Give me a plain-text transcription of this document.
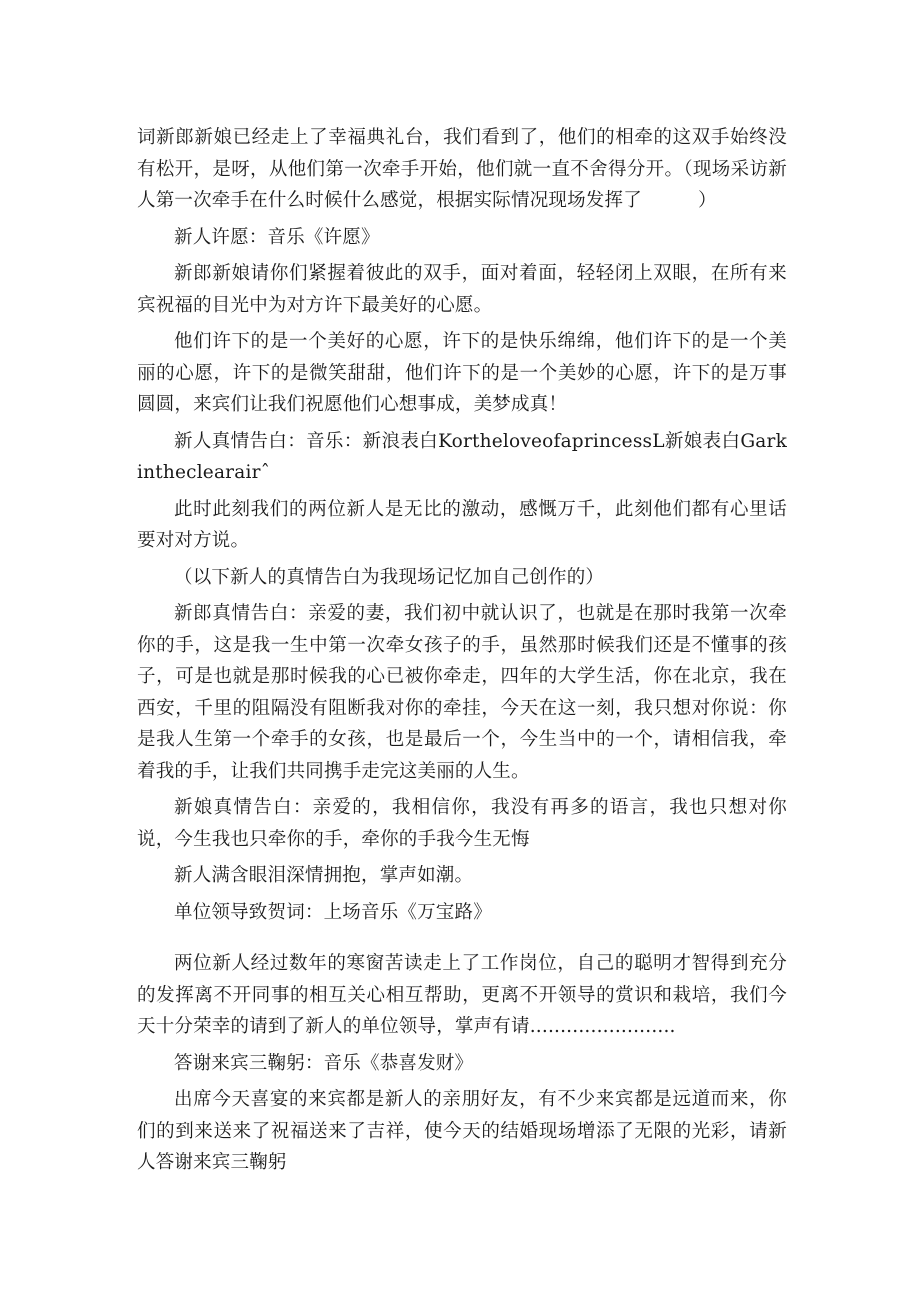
词新郎新娘已经走上了幸福典礼台，我们看到了，他们的相牵的这双手始终没有松开，是呀，从他们第一次牵手开始，他们就一直不舍得分开。（现场采访新人第一次牵手在什么时候什么感觉，根据实际情况现场发挥了　　　）

新人许愿：音乐《许愿》

新郎新娘请你们紧握着彼此的双手，面对着面，轻轻闭上双眼，在所有来宾祝福的目光中为对方许下最美好的心愿。

他们许下的是一个美好的心愿，许下的是快乐绵绵，他们许下的是一个美丽的心愿，许下的是微笑甜甜，他们许下的是一个美妙的心愿，许下的是万事圆圆，来宾们让我们祝愿他们心想事成，美梦成真！

新人真情告白：音乐：新浪表白KortheloveofaprincessL新娘表白Garkintheclearairˆ

此时此刻我们的两位新人是无比的激动，感慨万千，此刻他们都有心里话要对对方说。

（以下新人的真情告白为我现场记忆加自己创作的）

新郎真情告白：亲爱的妻，我们初中就认识了，也就是在那时我第一次牵你的手，这是我一生中第一次牵女孩子的手，虽然那时候我们还是不懂事的孩子，可是也就是那时候我的心已被你牵走，四年的大学生活，你在北京，我在西安，千里的阻隔没有阻断我对你的牵挂，今天在这一刻，我只想对你说：你是我人生第一个牵手的女孩，也是最后一个，今生当中的一个，请相信我，牵着我的手，让我们共同携手走完这美丽的人生。

新娘真情告白：亲爱的，我相信你，我没有再多的语言，我也只想对你说，今生我也只牵你的手，牵你的手我今生无悔

新人满含眼泪深情拥抱，掌声如潮。

单位领导致贺词：上场音乐《万宝路》

两位新人经过数年的寒窗苦读走上了工作岗位，自己的聪明才智得到充分的发挥离不开同事的相互关心相互帮助，更离不开领导的赏识和栽培，我们今天十分荣幸的请到了新人的单位领导，掌声有请........................

答谢来宾三鞠躬：音乐《恭喜发财》

出席今天喜宴的来宾都是新人的亲朋好友，有不少来宾都是远道而来，你们的到来送来了祝福送来了吉祥，使今天的结婚现场增添了无限的光彩，请新人答谢来宾三鞠躬
